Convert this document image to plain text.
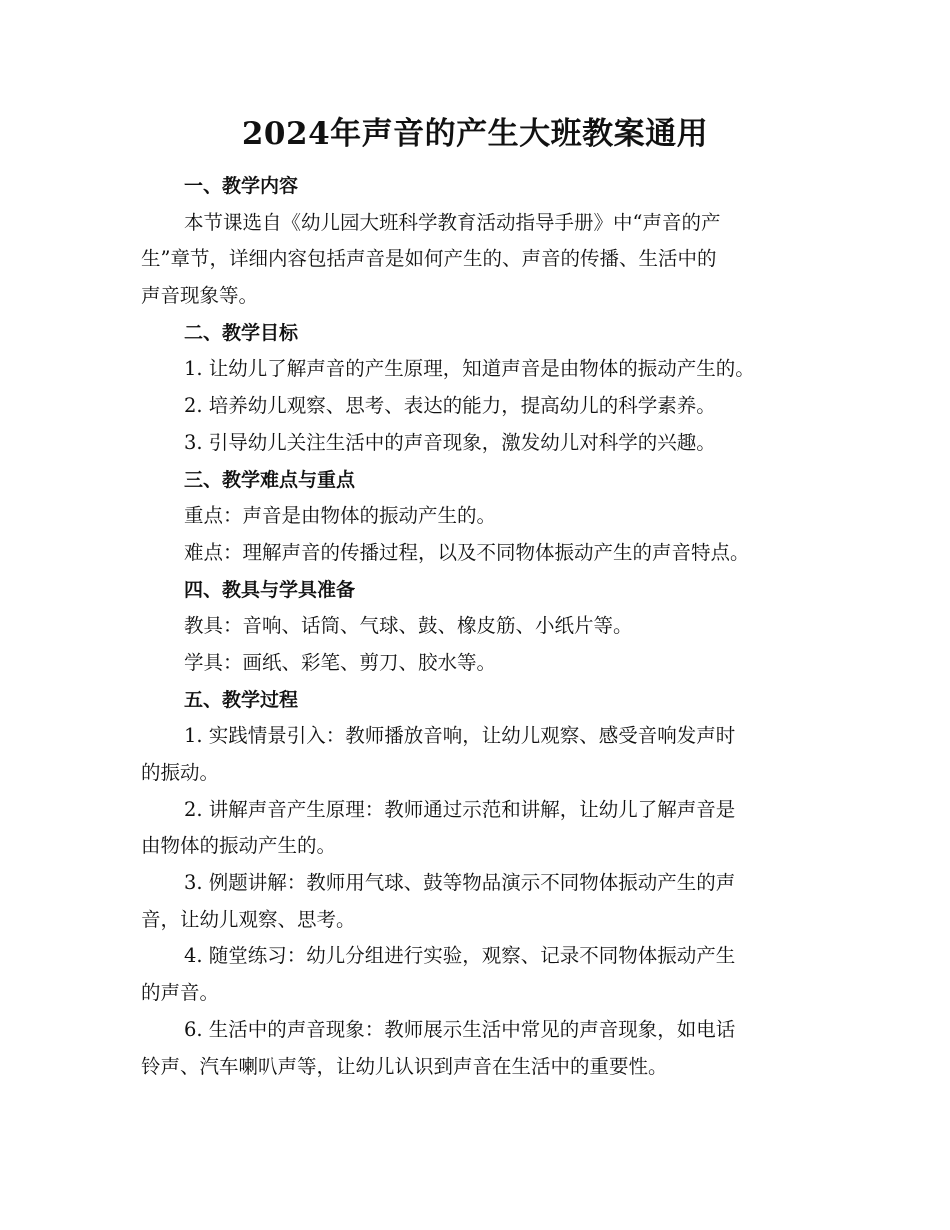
2024年声音的产生大班教案通用
一、教学内容
本节课选自《幼儿园大班科学教育活动指导手册》中“声音的产
生”章节，详细内容包括声音是如何产生的、声音的传播、生活中的
声音现象等。
二、教学目标
1. 让幼儿了解声音的产生原理，知道声音是由物体的振动产生的。
2. 培养幼儿观察、思考、表达的能力，提高幼儿的科学素养。
3. 引导幼儿关注生活中的声音现象，激发幼儿对科学的兴趣。
三、教学难点与重点
重点：声音是由物体的振动产生的。
难点：理解声音的传播过程，以及不同物体振动产生的声音特点。
四、教具与学具准备
教具：音响、话筒、气球、鼓、橡皮筋、小纸片等。
学具：画纸、彩笔、剪刀、胶水等。
五、教学过程
1. 实践情景引入：教师播放音响，让幼儿观察、感受音响发声时
的振动。
2. 讲解声音产生原理：教师通过示范和讲解，让幼儿了解声音是
由物体的振动产生的。
3. 例题讲解：教师用气球、鼓等物品演示不同物体振动产生的声
音，让幼儿观察、思考。
4. 随堂练习：幼儿分组进行实验，观察、记录不同物体振动产生
的声音。
6. 生活中的声音现象：教师展示生活中常见的声音现象，如电话
铃声、汽车喇叭声等，让幼儿认识到声音在生活中的重要性。
